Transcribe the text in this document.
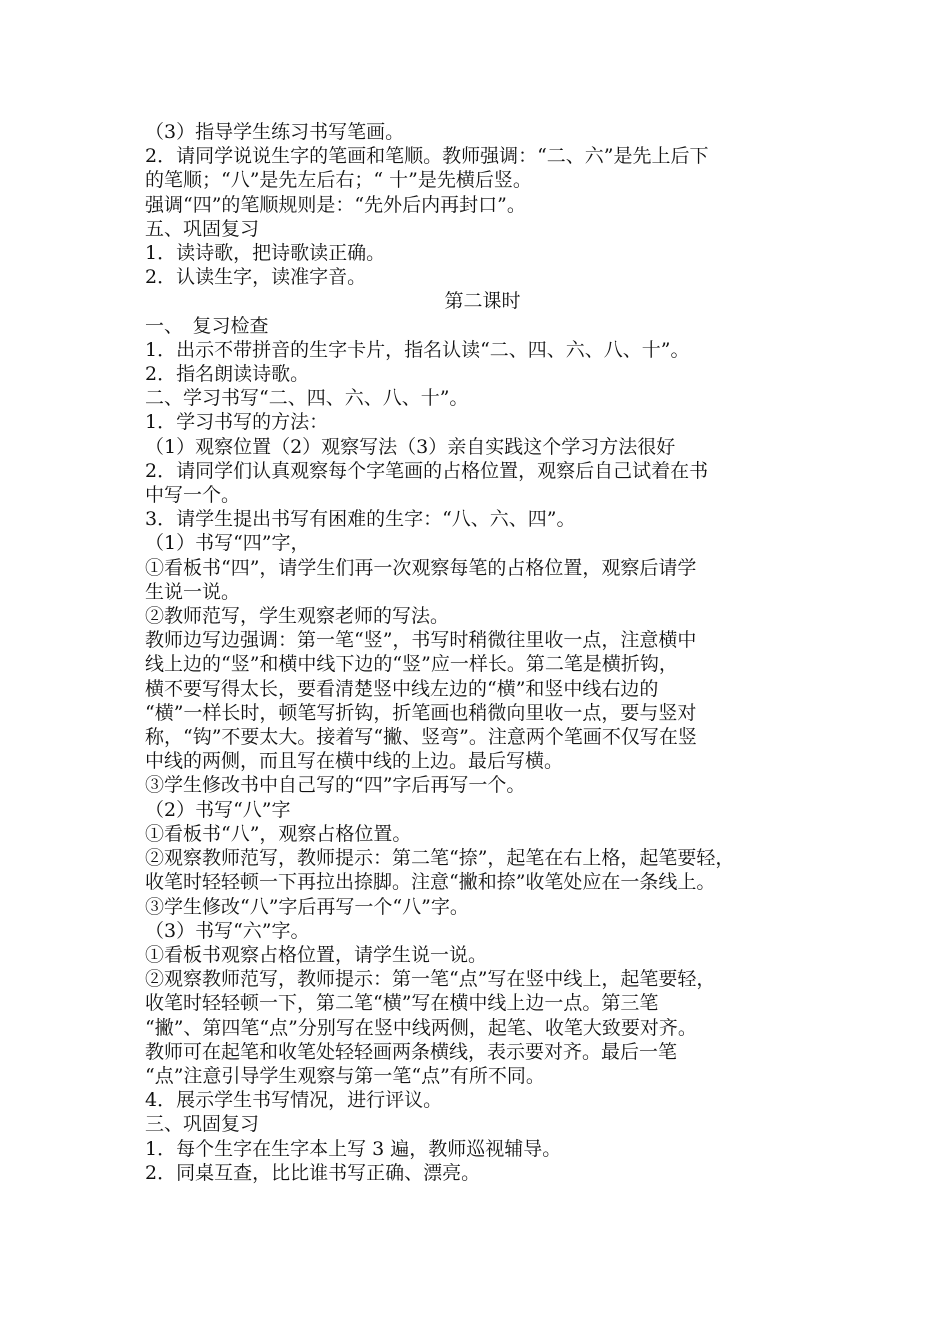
（3）指导学生练习书写笔画。
2．请同学说说生字的笔画和笔顺。教师强调：“二、六”是先上后下
的笔顺；“八”是先左后右；“ 十”是先横后竖。
强调“四”的笔顺规则是：“先外后内再封口”。
五、巩固复习
1．读诗歌，把诗歌读正确。
2．认读生字，读准字音。
第二课时
一、　复习检查
1．出示不带拼音的生字卡片，指名认读“二、四、六、八、十”。
2．指名朗读诗歌。
二、学习书写“二、四、六、八、十”。
1．学习书写的方法：
（1）观察位置（2）观察写法（3）亲自实践这个学习方法很好
2．请同学们认真观察每个字笔画的占格位置，观察后自己试着在书
中写一个。
3．请学生提出书写有困难的生字：“八、六、四”。
（1）书写“四”字，
①看板书“四”，请学生们再一次观察每笔的占格位置，观察后请学
生说一说。
②教师范写，学生观察老师的写法。
教师边写边强调：第一笔“竖”，书写时稍微往里收一点，注意横中
线上边的“竖”和横中线下边的“竖”应一样长。第二笔是横折钩，
横不要写得太长，要看清楚竖中线左边的“横”和竖中线右边的
“横”一样长时，顿笔写折钩，折笔画也稍微向里收一点，要与竖对
称，“钩”不要太大。接着写“撇、竖弯”。注意两个笔画不仅写在竖
中线的两侧，而且写在横中线的上边。最后写横。
③学生修改书中自己写的“四”字后再写一个。
（2）书写“八”字
①看板书“八”，观察占格位置。
②观察教师范写，教师提示：第二笔“捺”，起笔在右上格，起笔要轻，
收笔时轻轻顿一下再拉出捺脚。注意“撇和捺”收笔处应在一条线上。
③学生修改“八”字后再写一个“八”字。
（3）书写“六”字。
①看板书观察占格位置，请学生说一说。
②观察教师范写，教师提示：第一笔“点”写在竖中线上，起笔要轻，
收笔时轻轻顿一下，第二笔“横”写在横中线上边一点。第三笔
“撇”、第四笔“点”分别写在竖中线两侧，起笔、收笔大致要对齐。
教师可在起笔和收笔处轻轻画两条横线，表示要对齐。最后一笔
“点”注意引导学生观察与第一笔“点”有所不同。
4．展示学生书写情况，进行评议。
三、巩固复习
1．每个生字在生字本上写 3 遍，教师巡视辅导。
2．同桌互查，比比谁书写正确、漂亮。
